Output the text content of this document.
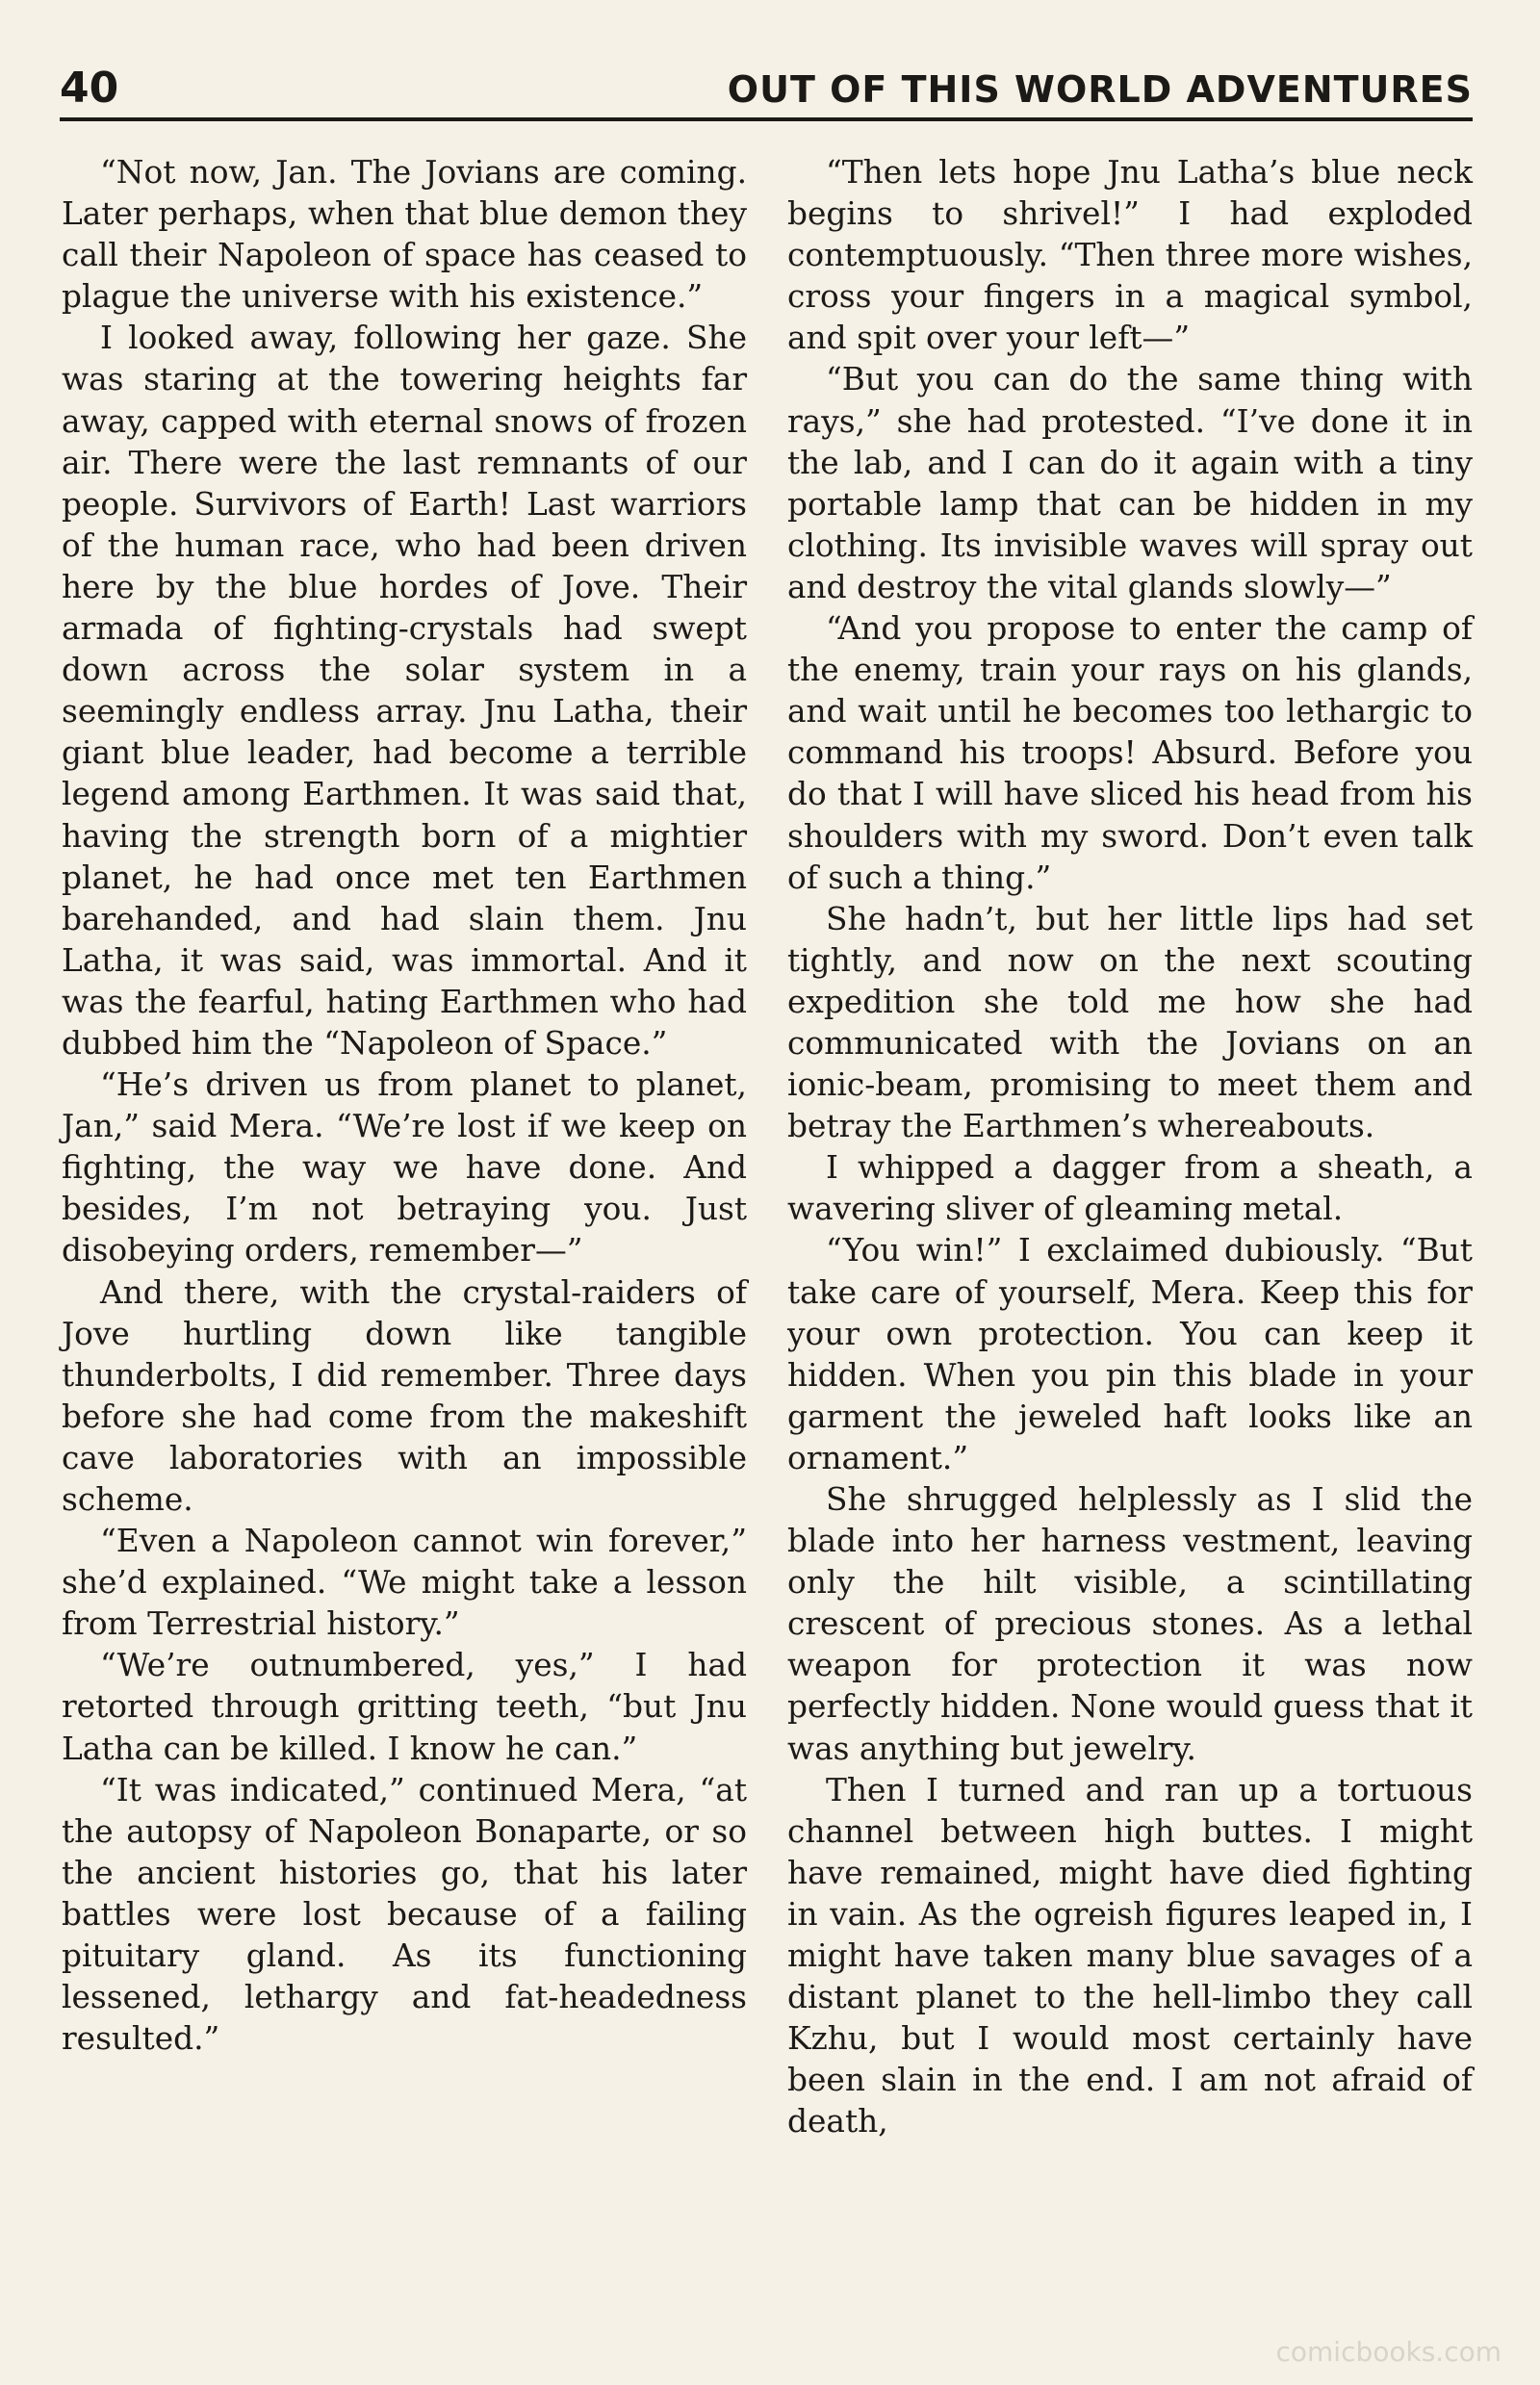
40	OUT OF THIS WORLD ADVENTURES

“Not now, Jan. The Jovians are coming. Later perhaps, when that blue demon they call their Napoleon of space has ceased to plague the universe with his existence.”

I looked away, following her gaze. She was staring at the towering heights far away, capped with eternal snows of frozen air. There were the last remnants of our people. Survivors of Earth! Last warriors of the human race, who had been driven here by the blue hordes of Jove. Their armada of fighting-crystals had swept down across the solar system in a seemingly endless array. Jnu Latha, their giant blue leader, had become a terrible legend among Earthmen. It was said that, having the strength born of a mightier planet, he had once met ten Earthmen barehanded, and had slain them. Jnu Latha, it was said, was immortal. And it was the fearful, hating Earthmen who had dubbed him the “Napoleon of Space.”

“He’s driven us from planet to planet, Jan,” said Mera. “We’re lost if we keep on fighting, the way we have done. And besides, I’m not betraying you. Just disobeying orders, remember—”

And there, with the crystal-raiders of Jove hurtling down like tangible thunderbolts, I did remember. Three days before she had come from the makeshift cave laboratories with an impossible scheme.

“Even a Napoleon cannot win forever,” she’d explained. “We might take a lesson from Terrestrial history.”

“We’re outnumbered, yes,” I had retorted through gritting teeth, “but Jnu Latha can be killed. I know he can.”

“It was indicated,” continued Mera, “at the autopsy of Napoleon Bonaparte, or so the ancient histories go, that his later battles were lost because of a failing pituitary gland. As its functioning lessened, lethargy and fat-headedness resulted.”

“Then lets hope Jnu Latha’s blue neck begins to shrivel!” I had exploded contemptuously. “Then three more wishes, cross your fingers in a magical symbol, and spit over your left—”

“But you can do the same thing with rays,” she had protested. “I’ve done it in the lab, and I can do it again with a tiny portable lamp that can be hidden in my clothing. Its invisible waves will spray out and destroy the vital glands slowly—”

“And you propose to enter the camp of the enemy, train your rays on his glands, and wait until he becomes too lethargic to command his troops! Absurd. Before you do that I will have sliced his head from his shoulders with my sword. Don’t even talk of such a thing.”

She hadn’t, but her little lips had set tightly, and now on the next scouting expedition she told me how she had communicated with the Jovians on an ionic-beam, promising to meet them and betray the Earthmen’s whereabouts.

I whipped a dagger from a sheath, a wavering sliver of gleaming metal.

“You win!” I exclaimed dubiously. “But take care of yourself, Mera. Keep this for your own protection. You can keep it hidden. When you pin this blade in your garment the jeweled haft looks like an ornament.”

She shrugged helplessly as I slid the blade into her harness vestment, leaving only the hilt visible, a scintillating crescent of precious stones. As a lethal weapon for protection it was now perfectly hidden. None would guess that it was anything but jewelry.

Then I turned and ran up a tortuous channel between high buttes. I might have remained, might have died fighting in vain. As the ogreish figures leaped in, I might have taken many blue savages of a distant planet to the hell-limbo they call Kzhu, but I would most certainly have been slain in the end. I am not afraid of death,

comicbooks.com
